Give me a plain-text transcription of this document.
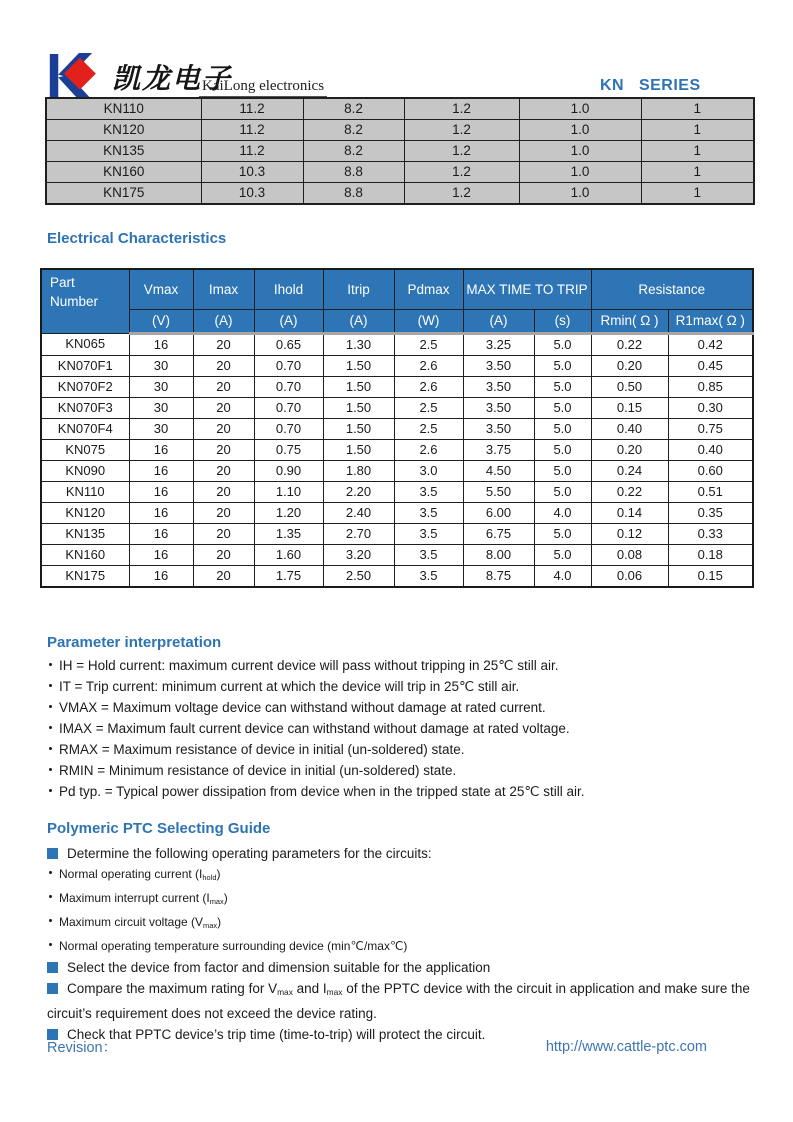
凯龙电子
KaiLong electronics	KN   SERIES
KN110	11.2	8.2	1.2	1.0	1
KN120	11.2	8.2	1.2	1.0	1
KN135	11.2	8.2	1.2	1.0	1
KN160	10.3	8.8	1.2	1.0	1
KN175	10.3	8.8	1.2	1.0	1
Electrical Characteristics
Part
Number	Vmax	Imax	Ihold	Itrip	Pdmax	MAX TIME TO TRIP		Resistance	
	(V)	(A)	(A)	(A)	(W)	(A)	(s)	Rmin( Ω )	R1max( Ω )
KN065	16	20	0.65	1.30	2.5	3.25	5.0	0.22	0.42
KN070F1	30	20	0.70	1.50	2.6	3.50	5.0	0.20	0.45
KN070F2	30	20	0.70	1.50	2.6	3.50	5.0	0.50	0.85
KN070F3	30	20	0.70	1.50	2.5	3.50	5.0	0.15	0.30
KN070F4	30	20	0.70	1.50	2.5	3.50	5.0	0.40	0.75
KN075	16	20	0.75	1.50	2.6	3.75	5.0	0.20	0.40
KN090	16	20	0.90	1.80	3.0	4.50	5.0	0.24	0.60
KN110	16	20	1.10	2.20	3.5	5.50	5.0	0.22	0.51
KN120	16	20	1.20	2.40	3.5	6.00	4.0	0.14	0.35
KN135	16	20	1.35	2.70	3.5	6.75	5.0	0.12	0.33
KN160	16	20	1.60	3.20	3.5	8.00	5.0	0.08	0.18
KN175	16	20	1.75	2.50	3.5	8.75	4.0	0.06	0.15
Parameter interpretation
IH = Hold current: maximum current device will pass without tripping in 25℃ still air.
IT = Trip current: minimum current at which the device will trip in 25℃ still air.
VMAX = Maximum voltage device can withstand without damage at rated current.
IMAX = Maximum fault current device can withstand without damage at rated voltage.
RMAX = Maximum resistance of device in initial (un-soldered) state.
RMIN = Minimum resistance of device in initial (un-soldered) state.
Pd typ. = Typical power dissipation from device when in the tripped state at 25℃ still air.
Polymeric PTC Selecting Guide
Determine the following operating parameters for the circuits:
Normal operating current $(I_{hold})$
Maximum interrupt current $(I_{max})$
Maximum circuit voltage $(V_{max})$
Normal operating temperature surrounding device (min℃/max℃)
Select the device from factor and dimension suitable for the application
Compare the maximum rating for $V_{max}$ and $I_{max}$ of the PPTC device with the circuit in application and make sure the circuit’s requirement does not exceed the device rating.
Check that PPTC device’s trip time (time-to-trip) will protect the circuit.
Revision：	http://www.cattle-ptc.com
